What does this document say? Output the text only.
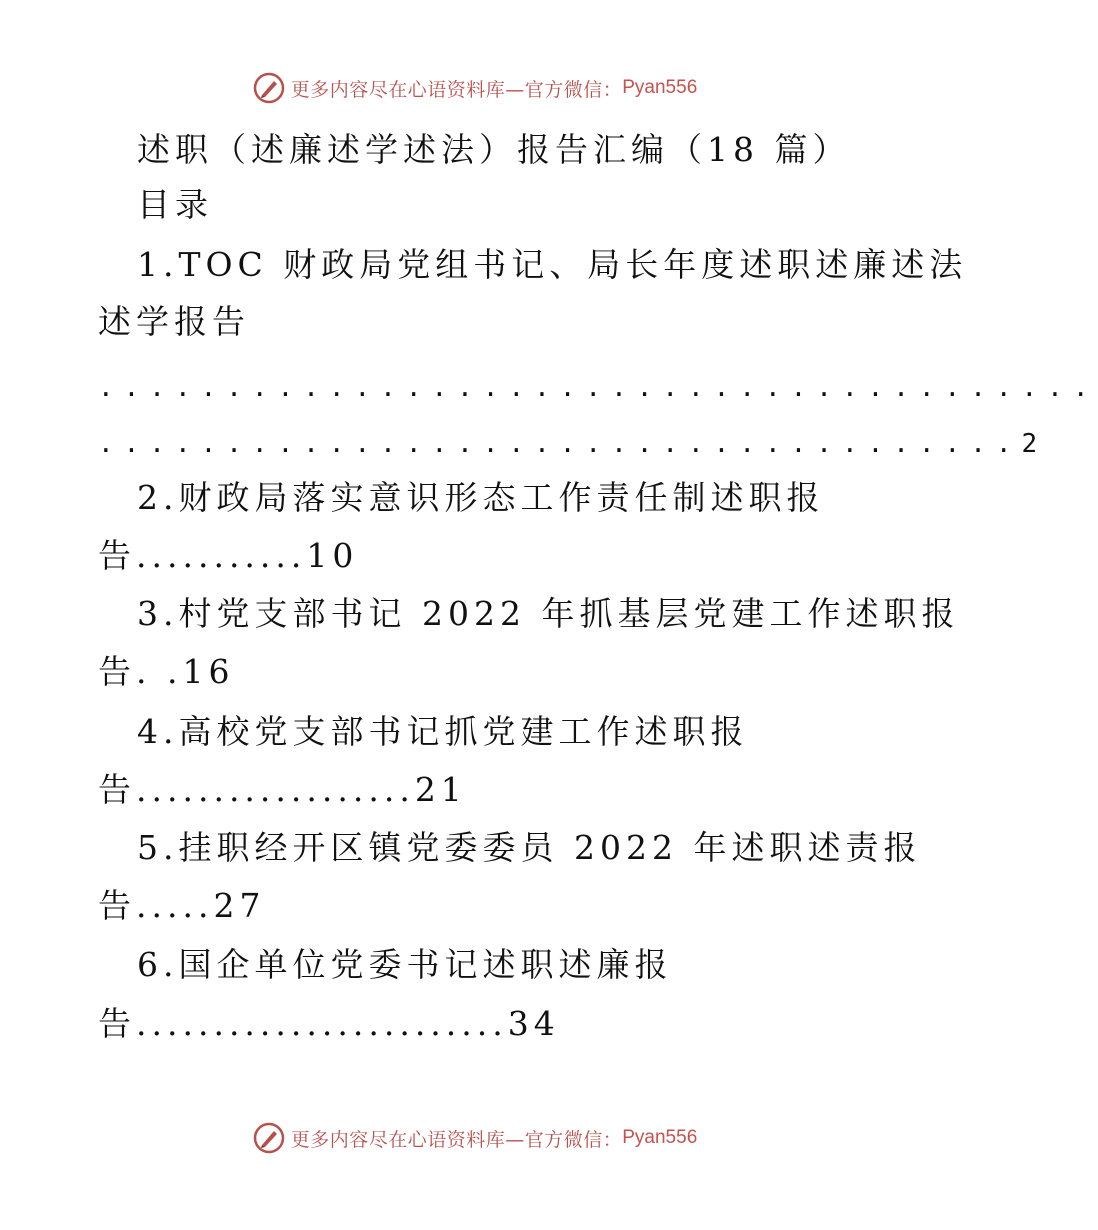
更多内容尽在心语资料库—官方微信： Pyan556
述职（述廉述学述法）报告汇编（18 篇）
目录
1.TOC 财政局党组书记、局长年度述职述廉述法
述学报告
.......................................
....................................2
2.财政局落实意识形态工作责任制述职报
告...........10
3.村党支部书记 2022 年抓基层党建工作述职报
告. .16
4.高校党支部书记抓党建工作述职报
告..................21
5.挂职经开区镇党委委员 2022 年述职述责报
告.....27
6.国企单位党委书记述职述廉报
告........................34
更多内容尽在心语资料库—官方微信： Pyan556
